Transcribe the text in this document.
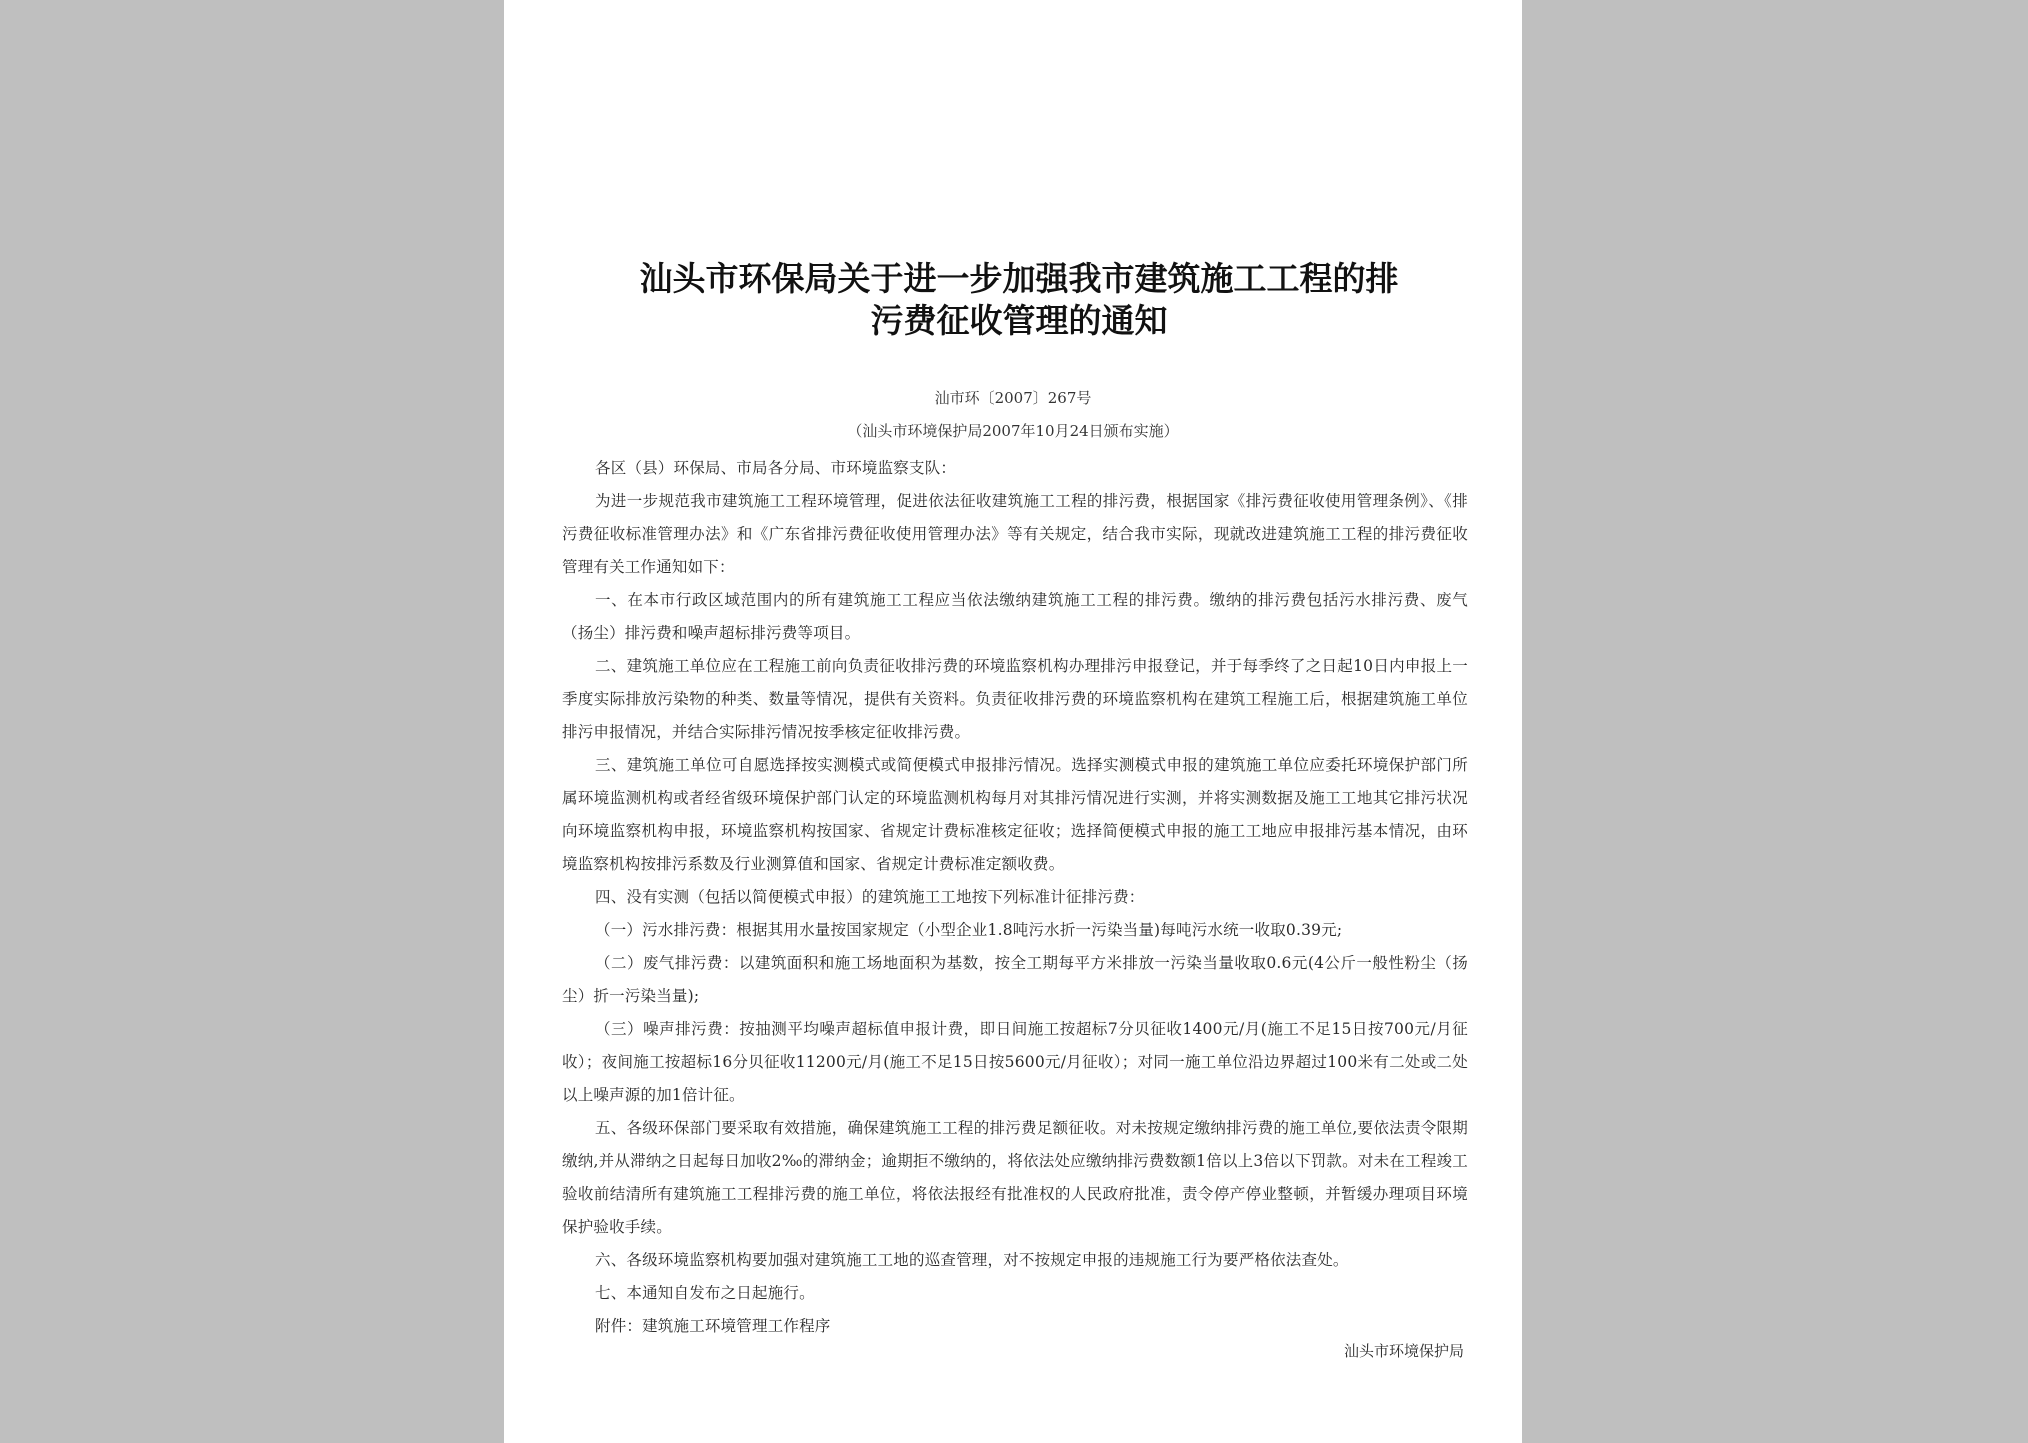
汕头市环保局关于进一步加强我市建筑施工工程的排
污费征收管理的通知
汕市环〔2007〕267号
（汕头市环境保护局2007年10月24日颁布实施）

各区（县）环保局、市局各分局、市环境监察支队：

为进一步规范我市建筑施工工程环境管理，促进依法征收建筑施工工程的排污费，根据国家《排污费征收使用管理条例》、《排污费征收标准管理办法》和《广东省排污费征收使用管理办法》等有关规定，结合我市实际，现就改进建筑施工工程的排污费征收管理有关工作通知如下：

一、在本市行政区域范围内的所有建筑施工工程应当依法缴纳建筑施工工程的排污费。缴纳的排污费包括污水排污费、废气（扬尘）排污费和噪声超标排污费等项目。

二、建筑施工单位应在工程施工前向负责征收排污费的环境监察机构办理排污申报登记，并于每季终了之日起10日内申报上一季度实际排放污染物的种类、数量等情况，提供有关资料。负责征收排污费的环境监察机构在建筑工程施工后，根据建筑施工单位排污申报情况，并结合实际排污情况按季核定征收排污费。

三、建筑施工单位可自愿选择按实测模式或简便模式申报排污情况。选择实测模式申报的建筑施工单位应委托环境保护部门所属环境监测机构或者经省级环境保护部门认定的环境监测机构每月对其排污情况进行实测，并将实测数据及施工工地其它排污状况向环境监察机构申报，环境监察机构按国家、省规定计费标准核定征收；选择简便模式申报的施工工地应申报排污基本情况，由环境监察机构按排污系数及行业测算值和国家、省规定计费标准定额收费。

四、没有实测（包括以简便模式申报）的建筑施工工地按下列标准计征排污费：

（一）污水排污费：根据其用水量按国家规定（小型企业1.8吨污水折一污染当量)每吨污水统一收取0.39元;

（二）废气排污费：以建筑面积和施工场地面积为基数，按全工期每平方米排放一污染当量收取0.6元(4公斤一般性粉尘（扬尘）折一污染当量);

（三）噪声排污费：按抽测平均噪声超标值申报计费，即日间施工按超标7分贝征收1400元/月(施工不足15日按700元/月征收）；夜间施工按超标16分贝征收11200元/月(施工不足15日按5600元/月征收）；对同一施工单位沿边界超过100米有二处或二处以上噪声源的加1倍计征。

五、各级环保部门要采取有效措施，确保建筑施工工程的排污费足额征收。对未按规定缴纳排污费的施工单位,要依法责令限期缴纳,并从滞纳之日起每日加收2‰的滞纳金；逾期拒不缴纳的，将依法处应缴纳排污费数额1倍以上3倍以下罚款。对未在工程竣工验收前结清所有建筑施工工程排污费的施工单位，将依法报经有批准权的人民政府批准，责令停产停业整顿，并暂缓办理项目环境保护验收手续。

六、各级环境监察机构要加强对建筑施工工地的巡查管理，对不按规定申报的违规施工行为要严格依法查处。

七、本通知自发布之日起施行。

附件：建筑施工环境管理工作程序

汕头市环境保护局
